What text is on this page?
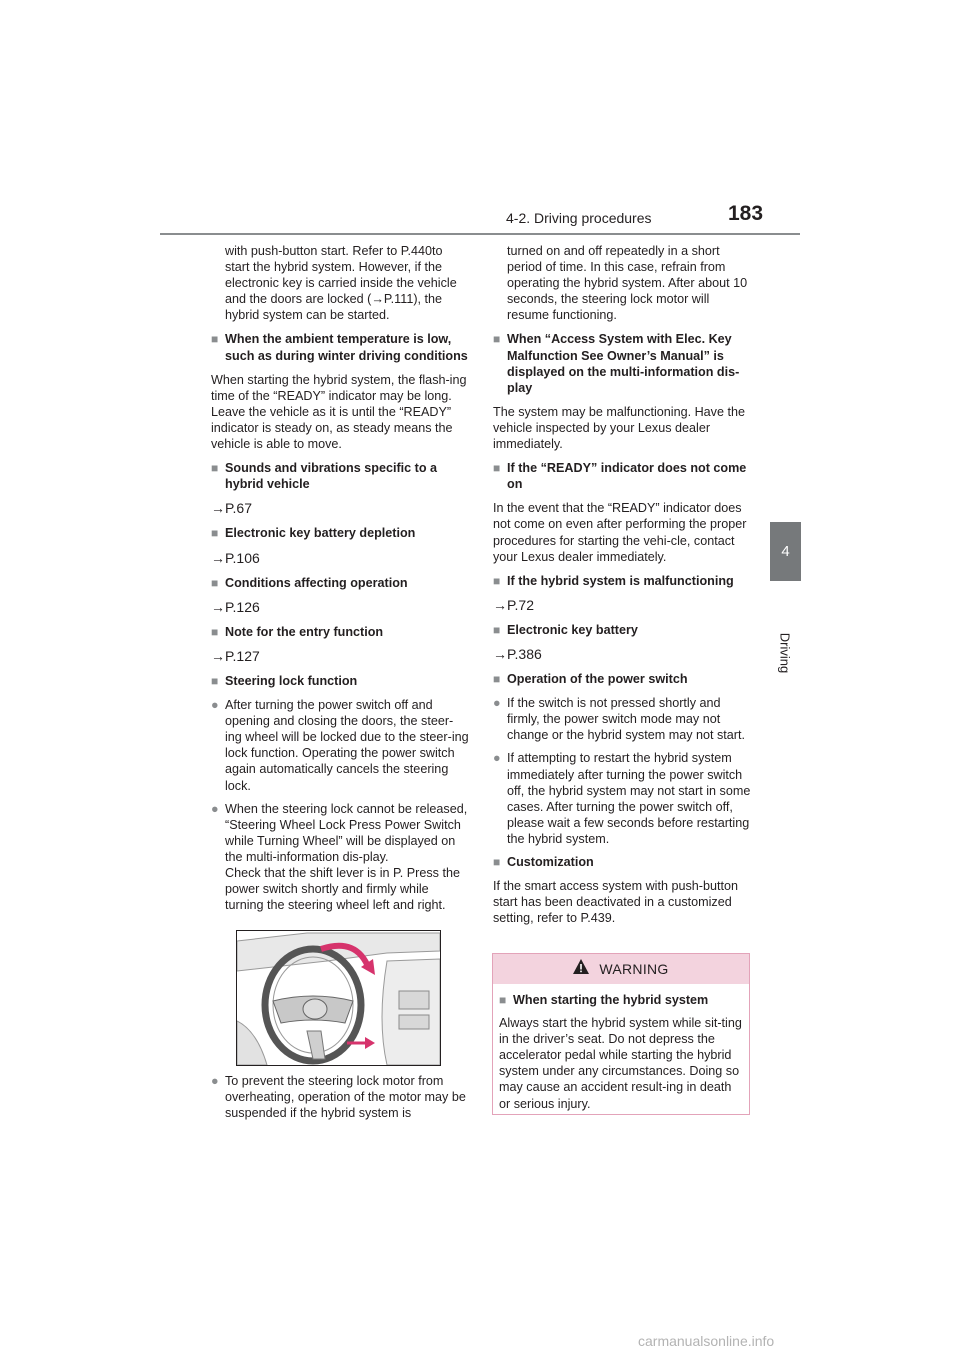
4-2. Driving procedures	183
4
Driving

with push-button start. Refer to P.440to start the hybrid system. However, if the electronic key is carried inside the vehicle and the doors are locked (→P.111), the hybrid system can be started.

■ When the ambient temperature is low, such as during winter driving conditions

When starting the hybrid system, the flash-ing time of the “READY” indicator may be long. Leave the vehicle as it is until the “READY” indicator is steady on, as steady means the vehicle is able to move.

■ Sounds and vibrations specific to a hybrid vehicle

→P.67

■ Electronic key battery depletion

→P.106

■ Conditions affecting operation

→P.126

■ Note for the entry function

→P.127

■ Steering lock function
● After turning the power switch off and opening and closing the doors, the steer-ing wheel will be locked due to the steer-ing lock function. Operating the power switch again automatically cancels the steering lock.
● When the steering lock cannot be released, “Steering Wheel Lock Press Power Switch while Turning Wheel” will be displayed on the multi-information dis-play.
Check that the shift lever is in P. Press the power switch shortly and firmly while turning the steering wheel left and right.
● To prevent the steering lock motor from overheating, operation of the motor may be suspended if the hybrid system is

turned on and off repeatedly in a short period of time. In this case, refrain from operating the hybrid system. After about 10 seconds, the steering lock motor will resume functioning.

■ When “Access System with Elec. Key Malfunction See Owner’s Manual” is displayed on the multi-information dis-play

The system may be malfunctioning. Have the vehicle inspected by your Lexus dealer immediately.

■ If the “READY” indicator does not come on

In the event that the “READY” indicator does not come on even after performing the proper procedures for starting the vehi-cle, contact your Lexus dealer immediately.

■ If the hybrid system is malfunctioning

→P.72

■ Electronic key battery

→P.386

■ Operation of the power switch
● If the switch is not pressed shortly and firmly, the power switch mode may not change or the hybrid system may not start.
● If attempting to restart the hybrid system immediately after turning the power switch off, the hybrid system may not start in some cases. After turning the power switch off, please wait a few seconds before restarting the hybrid system.
■ Customization

If the smart access system with push-button start has been deactivated in a customized setting, refer to P.439.

WARNING
■ When starting the hybrid system

Always start the hybrid system while sit-ting in the driver’s seat. Do not depress the accelerator pedal while starting the hybrid system under any circumstances. Doing so may cause an accident result-ing in death or serious injury.

carmanualsonline.info
